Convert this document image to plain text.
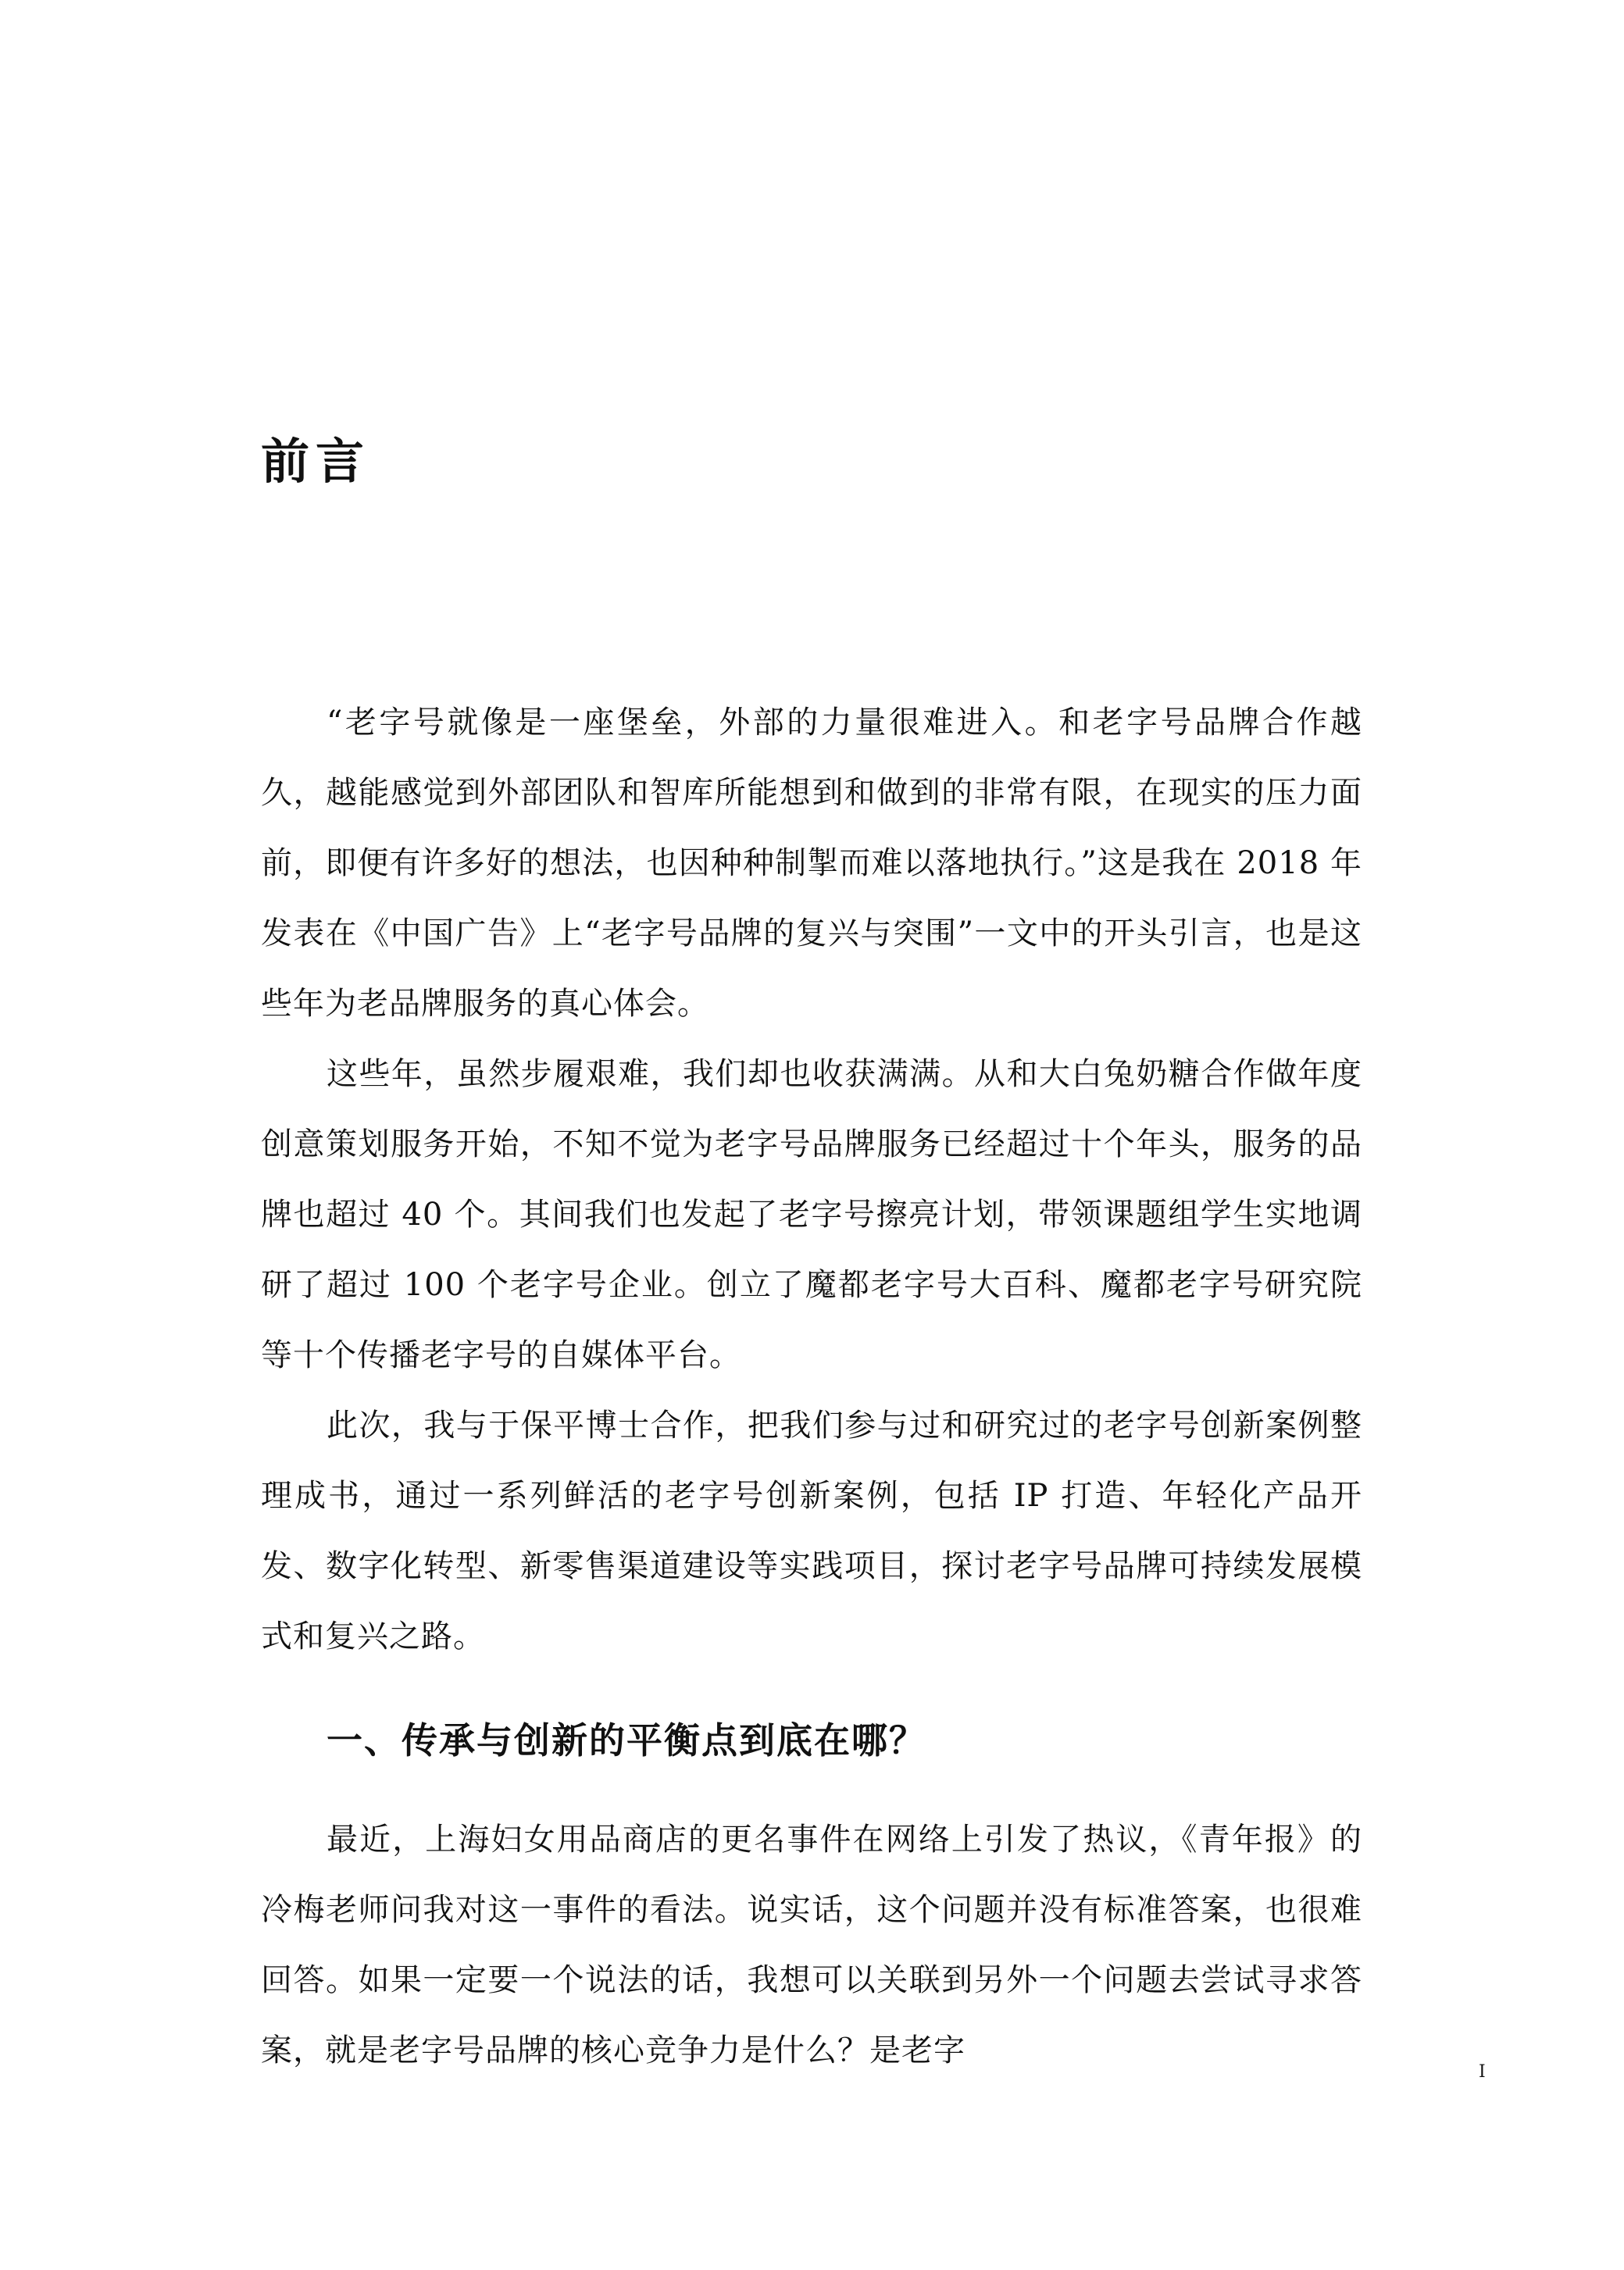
前言

“老字号就像是一座堡垒，外部的力量很难进入。和老字号品牌合作越久，越能感觉到外部团队和智库所能想到和做到的非常有限，在现实的压力面前，即便有许多好的想法，也因种种制掣而难以落地执行。”这是我在 2018 年发表在《中国广告》上“老字号品牌的复兴与突围”一文中的开头引言，也是这些年为老品牌服务的真心体会。

这些年，虽然步履艰难，我们却也收获满满。从和大白兔奶糖合作做年度创意策划服务开始，不知不觉为老字号品牌服务已经超过十个年头，服务的品牌也超过 40 个。其间我们也发起了老字号擦亮计划，带领课题组学生实地调研了超过 100 个老字号企业。创立了魔都老字号大百科、魔都老字号研究院等十个传播老字号的自媒体平台。

此次，我与于保平博士合作，把我们参与过和研究过的老字号创新案例整理成书，通过一系列鲜活的老字号创新案例，包括 IP 打造、年轻化产品开发、数字化转型、新零售渠道建设等实践项目，探讨老字号品牌可持续发展模式和复兴之路。

一、传承与创新的平衡点到底在哪？

最近，上海妇女用品商店的更名事件在网络上引发了热议，《青年报》的冷梅老师问我对这一事件的看法。说实话，这个问题并没有标准答案，也很难回答。如果一定要一个说法的话，我想可以关联到另外一个问题去尝试寻求答案，就是老字号品牌的核心竞争力是什么？是老字

I
